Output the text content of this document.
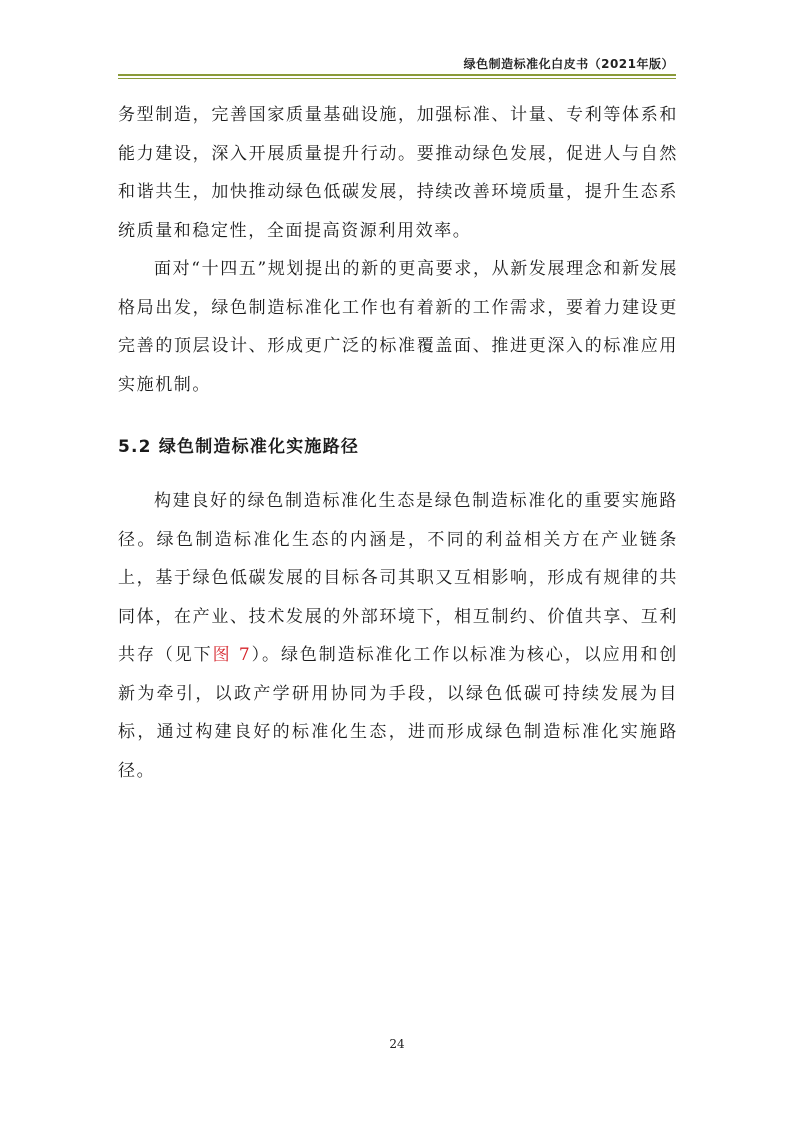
绿色制造标准化白皮书（2021年版）

务型制造，完善国家质量基础设施，加强标准、计量、专利等体系和能力建设，深入开展质量提升行动。要推动绿色发展，促进人与自然和谐共生，加快推动绿色低碳发展，持续改善环境质量，提升生态系统质量和稳定性，全面提高资源利用效率。

面对“十四五”规划提出的新的更高要求，从新发展理念和新发展格局出发，绿色制造标准化工作也有着新的工作需求，要着力建设更完善的顶层设计、形成更广泛的标准覆盖面、推进更深入的标准应用实施机制。

5.2 绿色制造标准化实施路径

构建良好的绿色制造标准化生态是绿色制造标准化的重要实施路径。绿色制造标准化生态的内涵是，不同的利益相关方在产业链条上，基于绿色低碳发展的目标各司其职又互相影响，形成有规律的共同体，在产业、技术发展的外部环境下，相互制约、价值共享、互利共存（见下图 7）。绿色制造标准化工作以标准为核心，以应用和创新为牵引，以政产学研用协同为手段，以绿色低碳可持续发展为目标，通过构建良好的标准化生态，进而形成绿色制造标准化实施路径。

24
